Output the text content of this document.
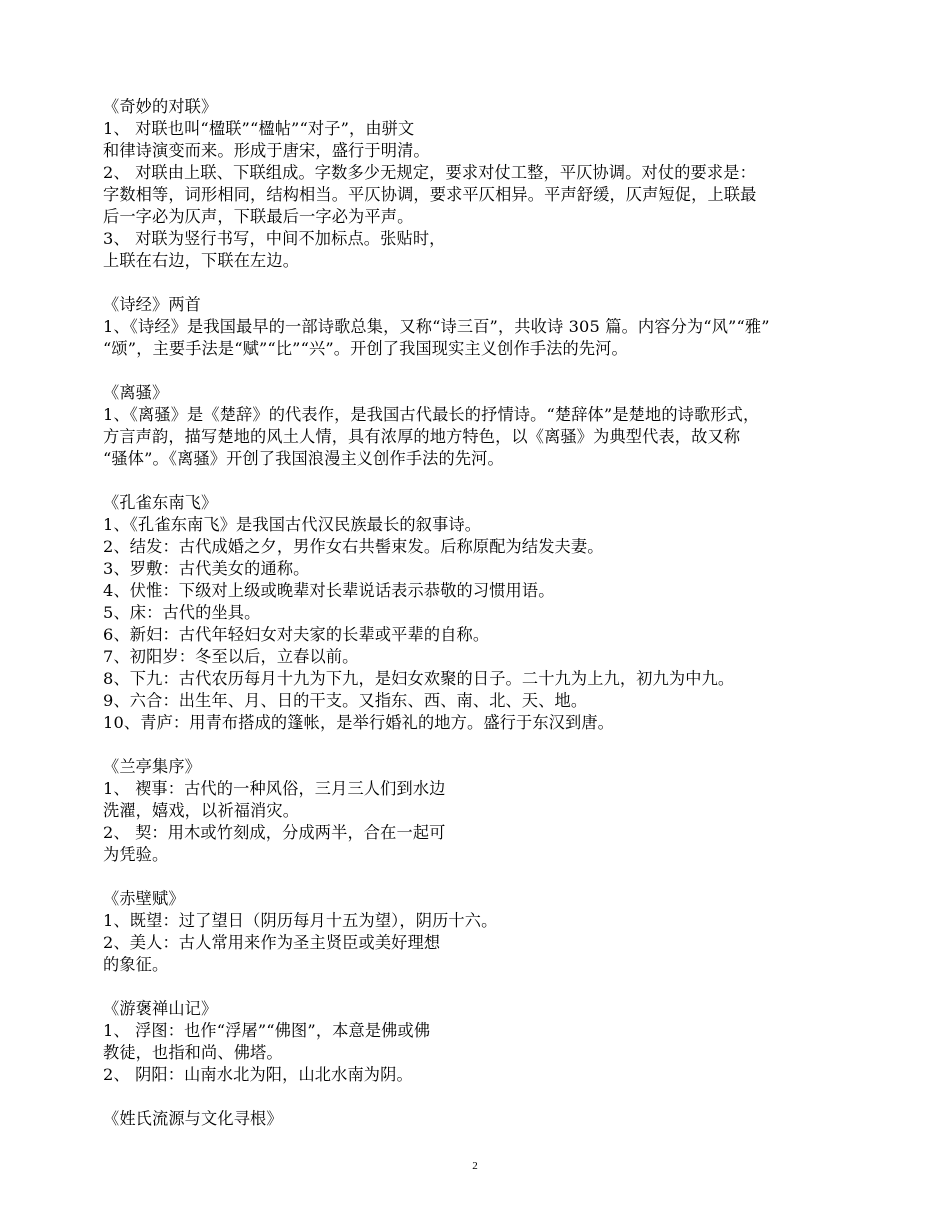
《奇妙的对联》
1、 对联也叫“楹联”“楹帖”“对子”，由骈文
和律诗演变而来。形成于唐宋，盛行于明清。
2、 对联由上联、下联组成。字数多少无规定，要求对仗工整，平仄协调。对仗的要求是：
字数相等，词形相同，结构相当。平仄协调，要求平仄相异。平声舒缓，仄声短促，上联最
后一字必为仄声，下联最后一字必为平声。
3、 对联为竖行书写，中间不加标点。张贴时，
上联在右边，下联在左边。
《诗经》两首
1、《诗经》是我国最早的一部诗歌总集，又称“诗三百”，共收诗 305 篇。内容分为“风”“雅”
“颂”，主要手法是“赋”“比”“兴”。开创了我国现实主义创作手法的先河。
《离骚》
1、《离骚》是《楚辞》的代表作，是我国古代最长的抒情诗。“楚辞体”是楚地的诗歌形式，
方言声韵，描写楚地的风土人情，具有浓厚的地方特色，以《离骚》为典型代表，故又称
“骚体”。《离骚》开创了我国浪漫主义创作手法的先河。
《孔雀东南飞》
1、《孔雀东南飞》是我国古代汉民族最长的叙事诗。
2、结发：古代成婚之夕，男作女右共髻束发。后称原配为结发夫妻。
3、罗敷：古代美女的通称。
4、伏惟：下级对上级或晚辈对长辈说话表示恭敬的习惯用语。
5、床：古代的坐具。
6、新妇：古代年轻妇女对夫家的长辈或平辈的自称。
7、初阳岁：冬至以后，立春以前。
8、下九：古代农历每月十九为下九，是妇女欢聚的日子。二十九为上九，初九为中九。
9、六合：出生年、月、日的干支。又指东、西、南、北、天、地。
10、青庐：用青布搭成的篷帐，是举行婚礼的地方。盛行于东汉到唐。
《兰亭集序》
1、 褉事：古代的一种风俗，三月三人们到水边
洗濯，嬉戏，以祈福消灾。
2、 契：用木或竹刻成，分成两半，合在一起可
为凭验。
《赤壁赋》
1、既望：过了望日（阴历每月十五为望），阴历十六。
2、美人：古人常用来作为圣主贤臣或美好理想
的象征。
《游褒禅山记》
1、 浮图：也作“浮屠”“佛图”，本意是佛或佛
教徒，也指和尚、佛塔。
2、 阴阳：山南水北为阳，山北水南为阴。
《姓氏流源与文化寻根》
2
